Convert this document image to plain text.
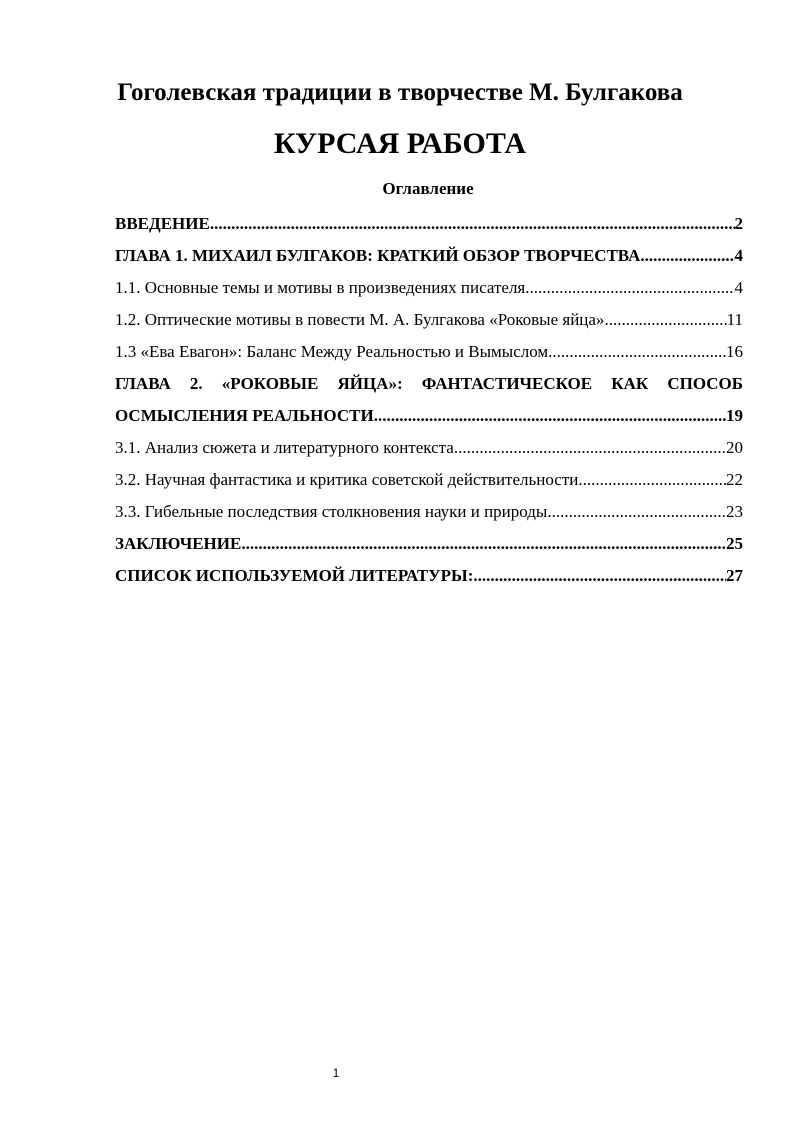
Гоголевская традиции в творчестве М. Булгакова
КУРСАЯ РАБОТА
Оглавление
ВВЕДЕНИЕ .....	2
ГЛАВА 1. МИХАИЛ БУЛГАКОВ: КРАТКИЙ ОБЗОР ТВОРЧЕСТВА .....	4
1.1. Основные темы и мотивы в произведениях писателя .....	4
1.2. Оптические мотивы в повести М. А. Булгакова «Роковые яйца» .....	11
1.3 «Ева Евагон»: Баланс Между Реальностью и Вымыслом .....	16
ГЛАВА 2. «РОКОВЫЕ ЯЙЦА»: ФАНТАСТИЧЕСКОЕ КАК СПОСОБ
ОСМЫСЛЕНИЯ РЕАЛЬНОСТИ .....	19
3.1. Анализ сюжета и литературного контекста .....	20
3.2. Научная фантастика и критика советской действительности .....	22
3.3. Гибельные последствия столкновения науки и природы .....	23
ЗАКЛЮЧЕНИЕ .....	25
СПИСОК ИСПОЛЬЗУЕМОЙ ЛИТЕРАТУРЫ: .....	27
1
